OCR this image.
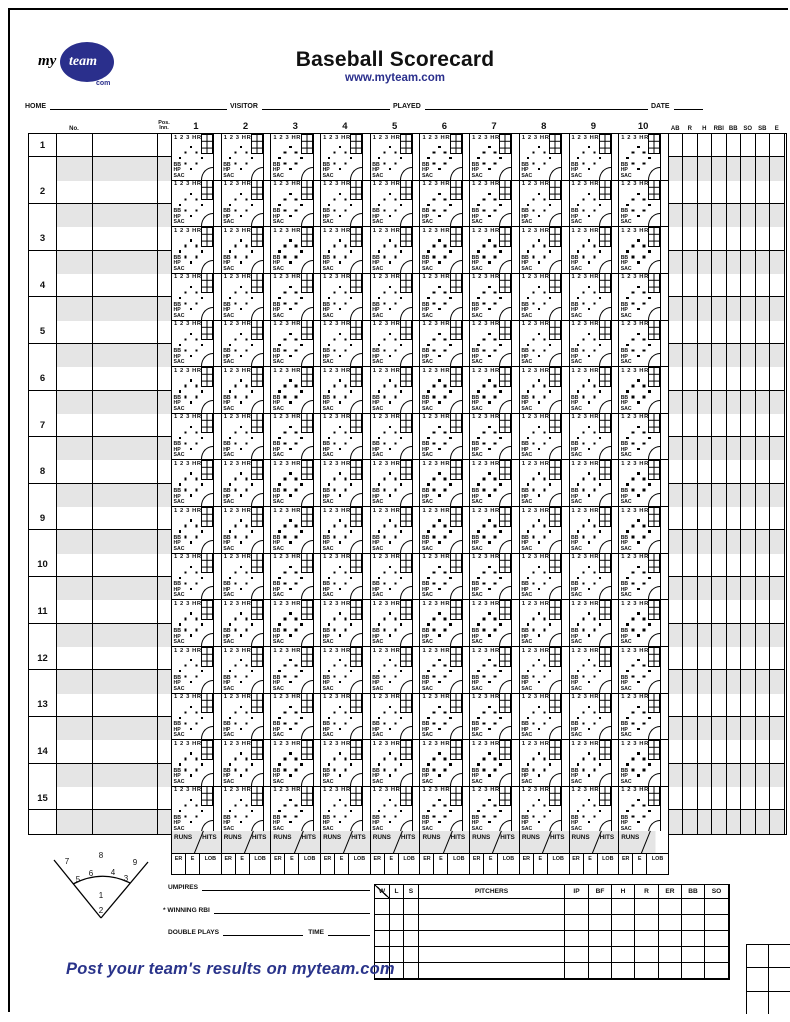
my team
com
Baseball Scorecard
www.myteam.com
HOME	VISITOR	PLAYED	DATE
No.
Pos.
Inn.	1	2	3	4	5	6	7	8	9	10	AB R H RBI BB SO SB E
1
1 2 3 HR
BB
HP
SAC
1 2 3 HR
BB
HP
SAC
1 2 3 HR
BB
HP
SAC
1 2 3 HR
BB
HP
SAC
1 2 3 HR
BB
HP
SAC
1 2 3 HR
BB
HP
SAC
1 2 3 HR
BB
HP
SAC
1 2 3 HR
BB
HP
SAC
1 2 3 HR
BB
HP
SAC
1 2 3 HR
BB
HP
SAC
2
1 2 3 HR
BB
HP
SAC
1 2 3 HR
BB
HP
SAC
1 2 3 HR
BB
HP
SAC
1 2 3 HR
BB
HP
SAC
1 2 3 HR
BB
HP
SAC
1 2 3 HR
BB
HP
SAC
1 2 3 HR
BB
HP
SAC
1 2 3 HR
BB
HP
SAC
1 2 3 HR
BB
HP
SAC
1 2 3 HR
BB
HP
SAC
3
1 2 3 HR
BB
HP
SAC
1 2 3 HR
BB
HP
SAC
1 2 3 HR
BB
HP
SAC
1 2 3 HR
BB
HP
SAC
1 2 3 HR
BB
HP
SAC
1 2 3 HR
BB
HP
SAC
1 2 3 HR
BB
HP
SAC
1 2 3 HR
BB
HP
SAC
1 2 3 HR
BB
HP
SAC
1 2 3 HR
BB
HP
SAC
4
1 2 3 HR
BB
HP
SAC
1 2 3 HR
BB
HP
SAC
1 2 3 HR
BB
HP
SAC
1 2 3 HR
BB
HP
SAC
1 2 3 HR
BB
HP
SAC
1 2 3 HR
BB
HP
SAC
1 2 3 HR
BB
HP
SAC
1 2 3 HR
BB
HP
SAC
1 2 3 HR
BB
HP
SAC
1 2 3 HR
BB
HP
SAC
5
1 2 3 HR
BB
HP
SAC
1 2 3 HR
BB
HP
SAC
1 2 3 HR
BB
HP
SAC
1 2 3 HR
BB
HP
SAC
1 2 3 HR
BB
HP
SAC
1 2 3 HR
BB
HP
SAC
1 2 3 HR
BB
HP
SAC
1 2 3 HR
BB
HP
SAC
1 2 3 HR
BB
HP
SAC
1 2 3 HR
BB
HP
SAC
6
1 2 3 HR
BB
HP
SAC
1 2 3 HR
BB
HP
SAC
1 2 3 HR
BB
HP
SAC
1 2 3 HR
BB
HP
SAC
1 2 3 HR
BB
HP
SAC
1 2 3 HR
BB
HP
SAC
1 2 3 HR
BB
HP
SAC
1 2 3 HR
BB
HP
SAC
1 2 3 HR
BB
HP
SAC
1 2 3 HR
BB
HP
SAC
7
1 2 3 HR
BB
HP
SAC
1 2 3 HR
BB
HP
SAC
1 2 3 HR
BB
HP
SAC
1 2 3 HR
BB
HP
SAC
1 2 3 HR
BB
HP
SAC
1 2 3 HR
BB
HP
SAC
1 2 3 HR
BB
HP
SAC
1 2 3 HR
BB
HP
SAC
1 2 3 HR
BB
HP
SAC
1 2 3 HR
BB
HP
SAC
8
1 2 3 HR
BB
HP
SAC
1 2 3 HR
BB
HP
SAC
1 2 3 HR
BB
HP
SAC
1 2 3 HR
BB
HP
SAC
1 2 3 HR
BB
HP
SAC
1 2 3 HR
BB
HP
SAC
1 2 3 HR
BB
HP
SAC
1 2 3 HR
BB
HP
SAC
1 2 3 HR
BB
HP
SAC
1 2 3 HR
BB
HP
SAC
9
1 2 3 HR
BB
HP
SAC
1 2 3 HR
BB
HP
SAC
1 2 3 HR
BB
HP
SAC
1 2 3 HR
BB
HP
SAC
1 2 3 HR
BB
HP
SAC
1 2 3 HR
BB
HP
SAC
1 2 3 HR
BB
HP
SAC
1 2 3 HR
BB
HP
SAC
1 2 3 HR
BB
HP
SAC
1 2 3 HR
BB
HP
SAC
10
1 2 3 HR
BB
HP
SAC
1 2 3 HR
BB
HP
SAC
1 2 3 HR
BB
HP
SAC
1 2 3 HR
BB
HP
SAC
1 2 3 HR
BB
HP
SAC
1 2 3 HR
BB
HP
SAC
1 2 3 HR
BB
HP
SAC
1 2 3 HR
BB
HP
SAC
1 2 3 HR
BB
HP
SAC
1 2 3 HR
BB
HP
SAC
11
1 2 3 HR
BB
HP
SAC
1 2 3 HR
BB
HP
SAC
1 2 3 HR
BB
HP
SAC
1 2 3 HR
BB
HP
SAC
1 2 3 HR
BB
HP
SAC
1 2 3 HR
BB
HP
SAC
1 2 3 HR
BB
HP
SAC
1 2 3 HR
BB
HP
SAC
1 2 3 HR
BB
HP
SAC
1 2 3 HR
BB
HP
SAC
12
1 2 3 HR
BB
HP
SAC
1 2 3 HR
BB
HP
SAC
1 2 3 HR
BB
HP
SAC
1 2 3 HR
BB
HP
SAC
1 2 3 HR
BB
HP
SAC
1 2 3 HR
BB
HP
SAC
1 2 3 HR
BB
HP
SAC
1 2 3 HR
BB
HP
SAC
1 2 3 HR
BB
HP
SAC
1 2 3 HR
BB
HP
SAC
13
1 2 3 HR
BB
HP
SAC
1 2 3 HR
BB
HP
SAC
1 2 3 HR
BB
HP
SAC
1 2 3 HR
BB
HP
SAC
1 2 3 HR
BB
HP
SAC
1 2 3 HR
BB
HP
SAC
1 2 3 HR
BB
HP
SAC
1 2 3 HR
BB
HP
SAC
1 2 3 HR
BB
HP
SAC
1 2 3 HR
BB
HP
SAC
14
1 2 3 HR
BB
HP
SAC
1 2 3 HR
BB
HP
SAC
1 2 3 HR
BB
HP
SAC
1 2 3 HR
BB
HP
SAC
1 2 3 HR
BB
HP
SAC
1 2 3 HR
BB
HP
SAC
1 2 3 HR
BB
HP
SAC
1 2 3 HR
BB
HP
SAC
1 2 3 HR
BB
HP
SAC
1 2 3 HR
BB
HP
SAC
15
1 2 3 HR
BB
HP
SAC
1 2 3 HR
BB
HP
SAC
1 2 3 HR
BB
HP
SAC
1 2 3 HR
BB
HP
SAC
1 2 3 HR
BB
HP
SAC
1 2 3 HR
BB
HP
SAC
1 2 3 HR
BB
HP
SAC
1 2 3 HR
BB
HP
SAC
1 2 3 HR
BB
HP
SAC
1 2 3 HR
BB
HP
SAC
RUNS HITS RUNS HITS RUNS HITS RUNS HITS RUNS HITS RUNS HITS RUNS HITS RUNS HITS RUNS HITS RUNS
ER	E	LOB	ER	E	LOB	ER	E	LOB	ER	E	LOB	ER	E	LOB	ER	E	LOB	ER	E	LOB	ER	E	LOB	ER	E	LOB	ER	E	LOB
1
2
3
4
5
6
7
8
9
UMPIRES
* WINNING RBI
DOUBLE PLAYS	TIME
W	L	S	PITCHERS	IP	BF	H	R	ER	BB	SO
Post your team's results on myteam.com
